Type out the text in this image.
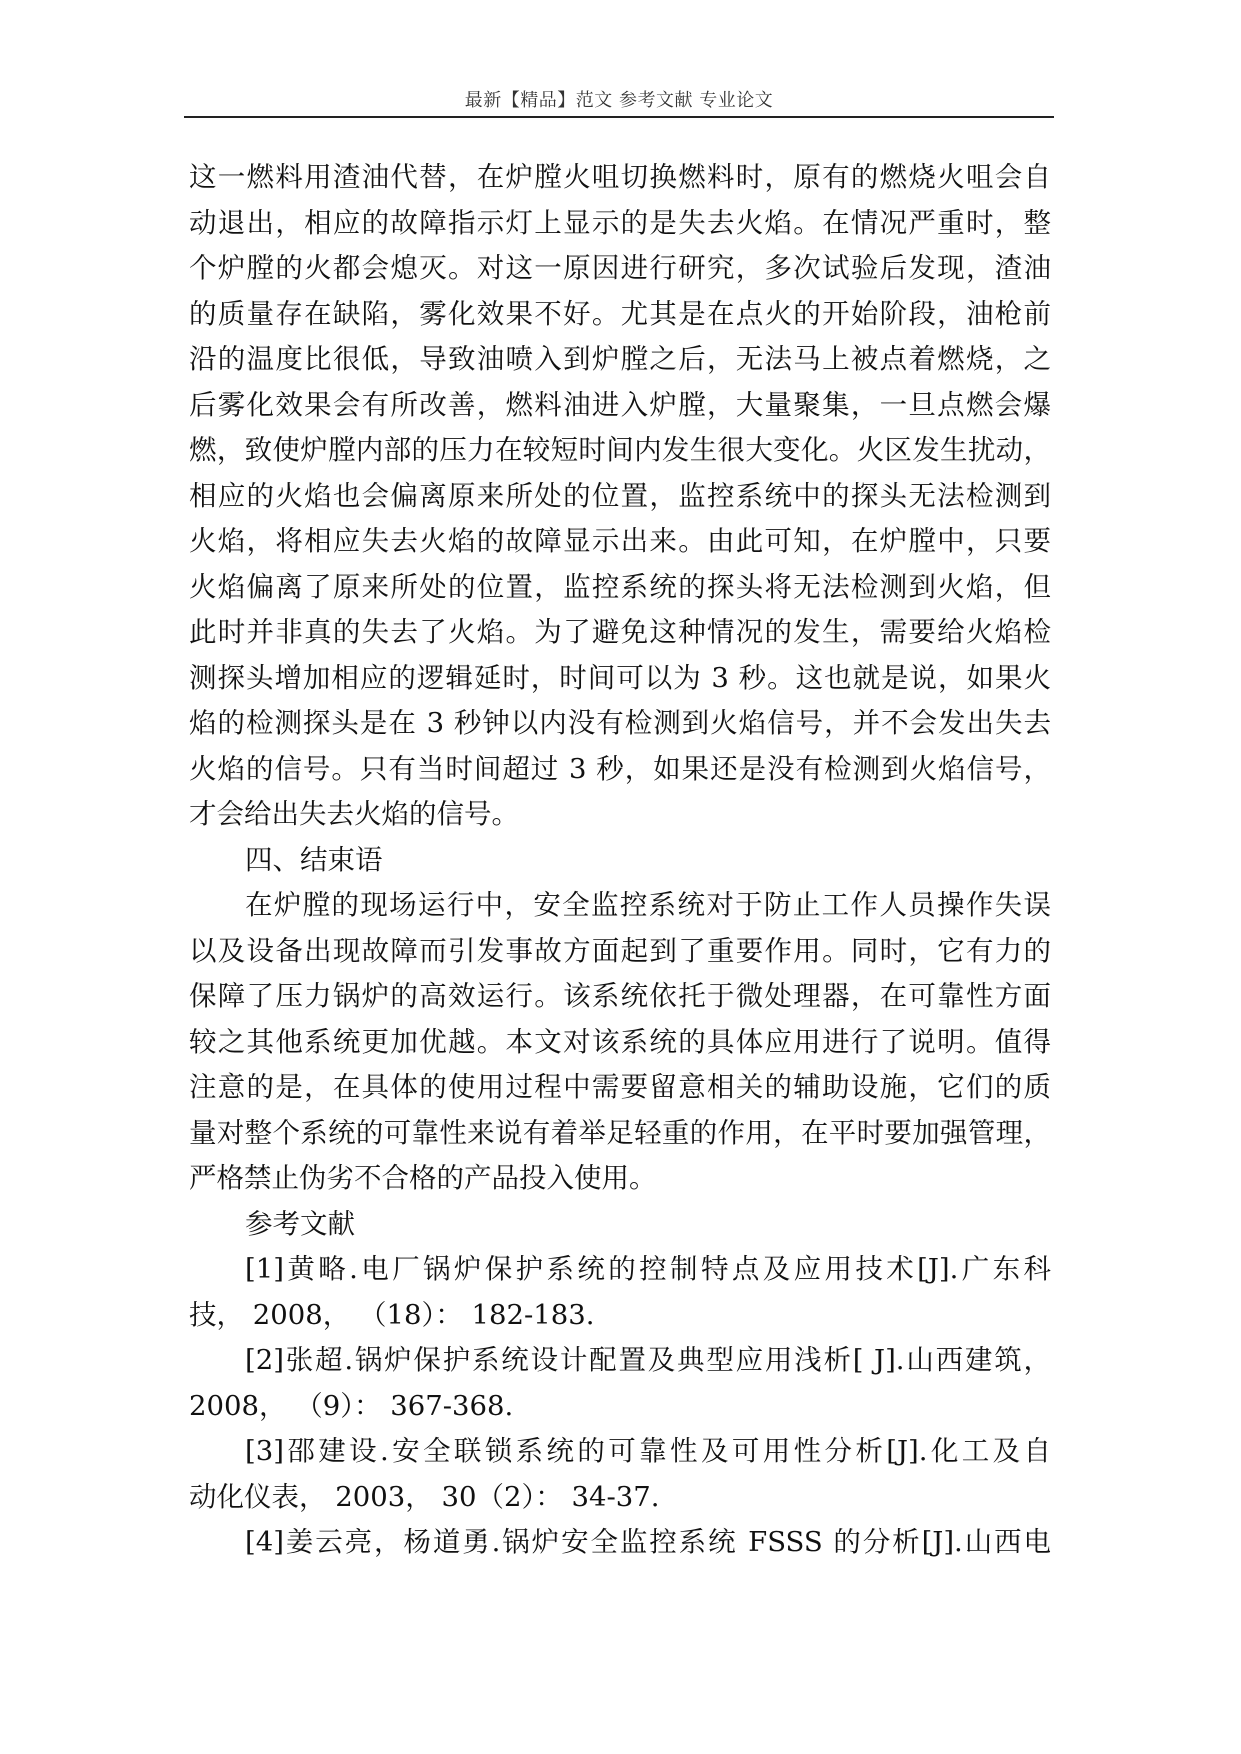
最新【精品】范文 参考文献 专业论文
这一燃料用渣油代替，在炉膛火咀切换燃料时，原有的燃烧火咀会自
动退出，相应的故障指示灯上显示的是失去火焰。在情况严重时，整
个炉膛的火都会熄灭。对这一原因进行研究，多次试验后发现，渣油
的质量存在缺陷，雾化效果不好。尤其是在点火的开始阶段，油枪前
沿的温度比很低，导致油喷入到炉膛之后，无法马上被点着燃烧，之
后雾化效果会有所改善，燃料油进入炉膛，大量聚集，一旦点燃会爆
燃，致使炉膛内部的压力在较短时间内发生很大变化。火区发生扰动，
相应的火焰也会偏离原来所处的位置，监控系统中的探头无法检测到
火焰，将相应失去火焰的故障显示出来。由此可知，在炉膛中，只要
火焰偏离了原来所处的位置，监控系统的探头将无法检测到火焰，但
此时并非真的失去了火焰。为了避免这种情况的发生，需要给火焰检
测探头增加相应的逻辑延时，时间可以为 3 秒。这也就是说，如果火
焰的检测探头是在 3 秒钟以内没有检测到火焰信号，并不会发出失去
火焰的信号。只有当时间超过 3 秒，如果还是没有检测到火焰信号，
才会给出失去火焰的信号。
四、结束语
在炉膛的现场运行中，安全监控系统对于防止工作人员操作失误
以及设备出现故障而引发事故方面起到了重要作用。同时，它有力的
保障了压力锅炉的高效运行。该系统依托于微处理器，在可靠性方面
较之其他系统更加优越。本文对该系统的具体应用进行了说明。值得
注意的是，在具体的使用过程中需要留意相关的辅助设施，它们的质
量对整个系统的可靠性来说有着举足轻重的作用，在平时要加强管理，
严格禁止伪劣不合格的产品投入使用。
参考文献
[1]黄略.电厂锅炉保护系统的控制特点及应用技术[J].广东科
技， 2008， （18）： 182-183.
[2]张超.锅炉保护系统设计配置及典型应用浅析[ J].山西建筑，
2008， （9）： 367-368.
[3]邵建设.安全联锁系统的可靠性及可用性分析[J].化工及自
动化仪表， 2003， 30（2）： 34-37.
[4]姜云亮，杨道勇.锅炉安全监控系统 FSSS 的分析[J].山西电
